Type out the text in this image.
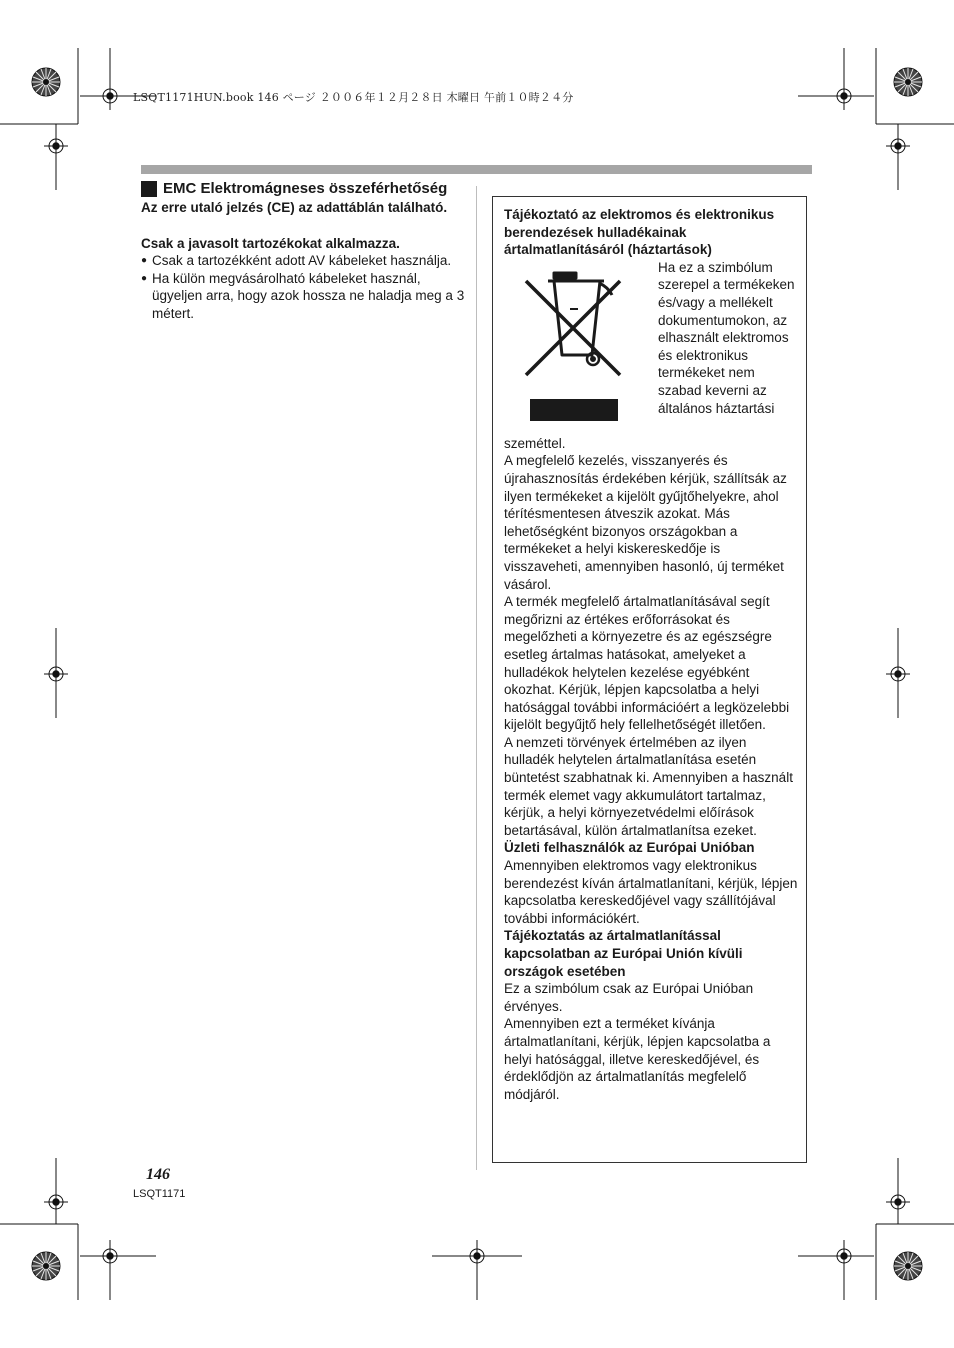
LSQT1171HUN.book 146 ページ ２００６年１２月２８日 木曜日 午前１０時２４分
EMC Elektromágneses összeférhetőség

Az erre utaló jelzés (CE) az adattáblán található.

Csak a javasolt tartozékokat alkalmazza.

● Csak a tartozékként adott AV kábeleket használja.
● Ha külön megvásárolható kábeleket használ, ügyeljen arra, hogy azok hossza ne haladja meg a 3 métert.

Tájékoztató az elektromos és elektronikus berendezések hulladékainak ártalmatlanításáról (háztartások)

Ha ez a szimbólum szerepel a termékeken és/vagy a mellékelt dokumentumokon, az elhasznált elektromos és elektronikus termékeket nem szabad keverni az általános háztartási

szeméttel.

A megfelelő kezelés, visszanyerés és újrahasznosítás érdekében kérjük, szállítsák az ilyen termékeket a kijelölt gyűjtőhelyekre, ahol térítésmentesen átveszik azokat. Más lehetőségként bizonyos országokban a termékeket a helyi kiskereskedője is visszaveheti, amennyiben hasonló, új terméket vásárol.

A termék megfelelő ártalmatlanításával segít megőrizni az értékes erőforrásokat és megelőzheti a környezetre és az egészségre esetleg ártalmas hatásokat, amelyeket a hulladékok helytelen kezelése egyébként okozhat. Kérjük, lépjen kapcsolatba a helyi hatósággal további információért a legközelebbi kijelölt begyűjtő hely fellelhetőségét illetően.

A nemzeti törvények értelmében az ilyen hulladék helytelen ártalmatlanítása esetén büntetést szabhatnak ki. Amennyiben a használt termék elemet vagy akkumulátort tartalmaz, kérjük, a helyi környezetvédelmi előírások betartásával, külön ártalmatlanítsa ezeket.

Üzleti felhasználók az Európai Unióban

Amennyiben elektromos vagy elektronikus berendezést kíván ártalmatlanítani, kérjük, lépjen kapcsolatba kereskedőjével vagy szállítójával további információkért.

Tájékoztatás az ártalmatlanítással kapcsolatban az Európai Unión kívüli országok esetében

Ez a szimbólum csak az Európai Unióban érvényes.

Amennyiben ezt a terméket kívánja ártalmatlanítani, kérjük, lépjen kapcsolatba a helyi hatósággal, illetve kereskedőjével, és érdeklődjön az ártalmatlanítás megfelelő módjáról.

146
LSQT1171
